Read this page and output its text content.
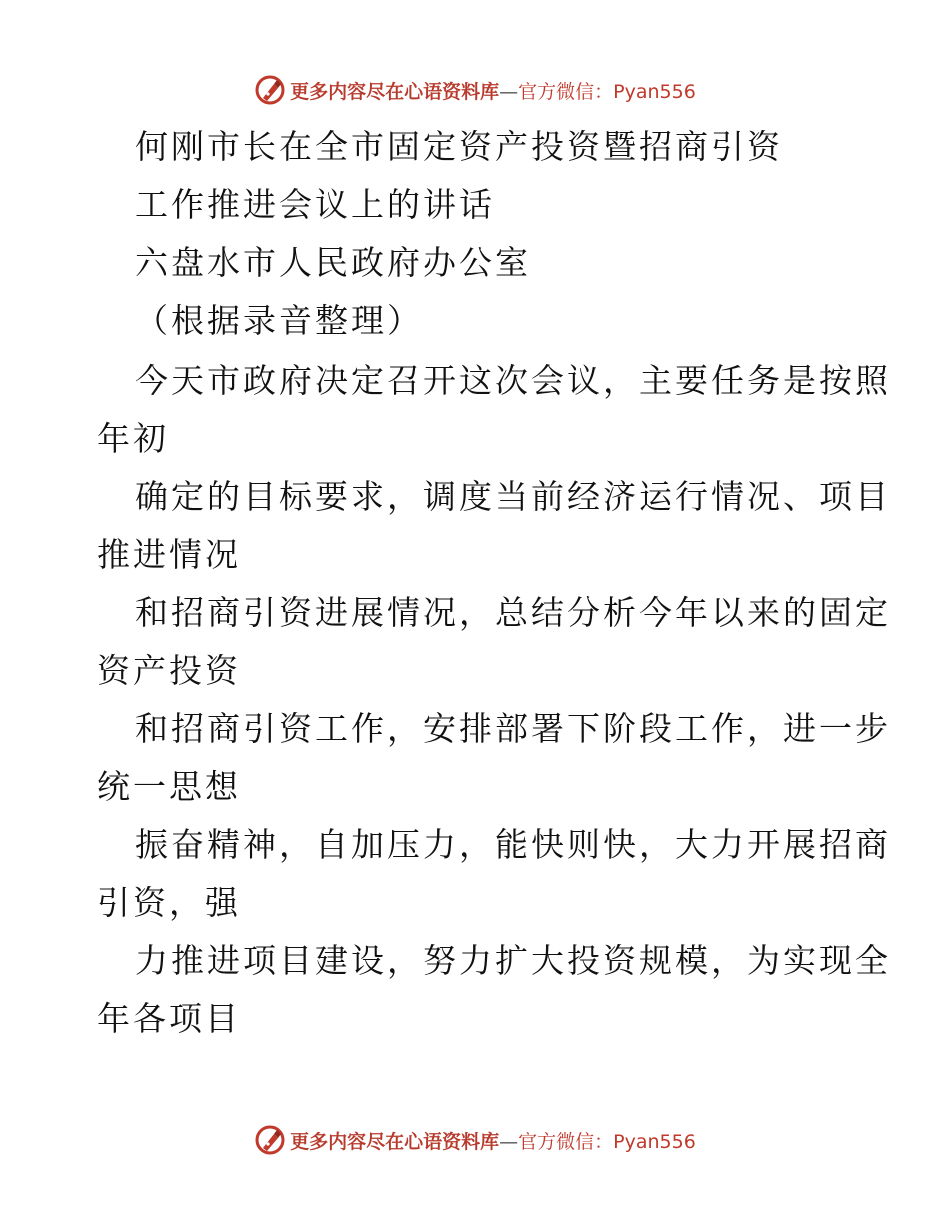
更多内容尽在心语资料库 —官方微信：Pyan556
何刚市长在全市固定资产投资暨招商引资
工作推进会议上的讲话
六盘水市人民政府办公室
（根据录音整理）
今天市政府决定召开这次会议，主要任务是按照
年初
确定的目标要求，调度当前经济运行情况、项目
推进情况
和招商引资进展情况，总结分析今年以来的固定
资产投资
和招商引资工作，安排部署下阶段工作，进一步
统一思想
振奋精神，自加压力，能快则快，大力开展招商
引资，强
力推进项目建设，努力扩大投资规模，为实现全
年各项目
更多内容尽在心语资料库 —官方微信：Pyan556
